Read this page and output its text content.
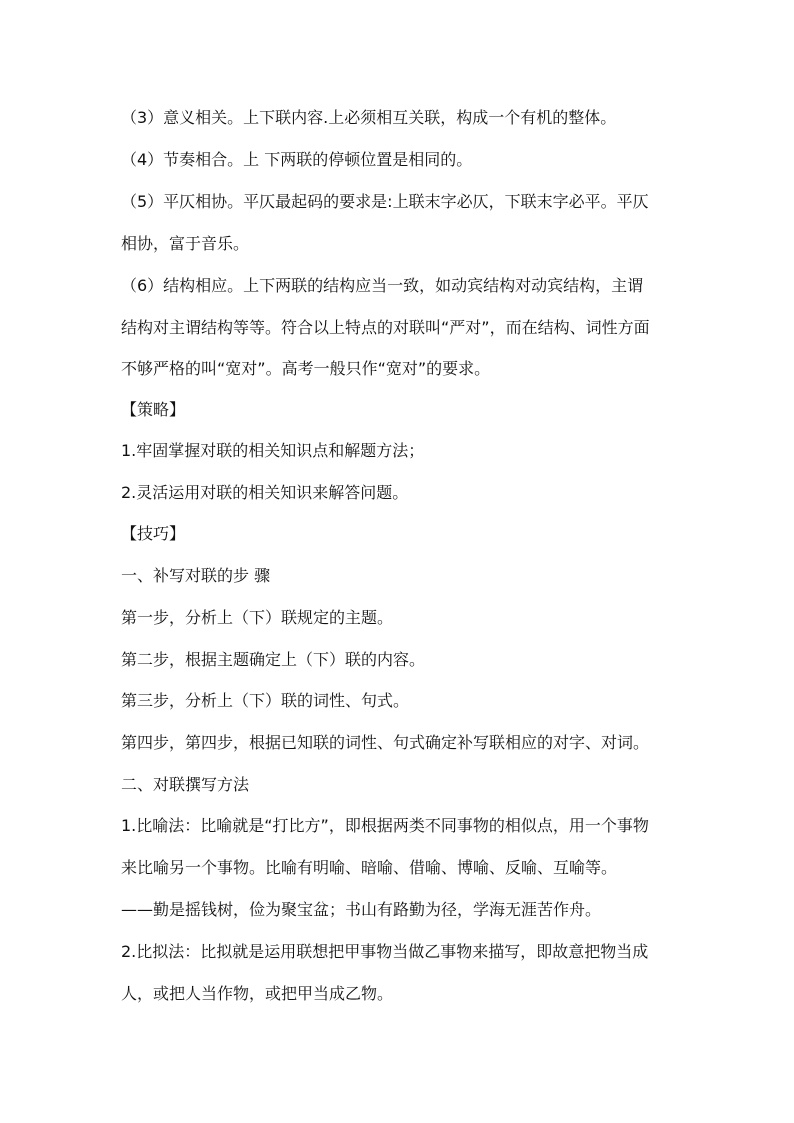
（3）意义相关。上下联内容.上必须相互关联，构成一个有机的整体。
（4）节奏相合。上 下两联的停顿位置是相同的。
（5）平仄相协。平仄最起码的要求是:上联末字必仄，下联末字必平。平仄
相协，富于音乐。
（6）结构相应。上下两联的结构应当一致，如动宾结构对动宾结构，主谓
结构对主谓结构等等。符合以上特点的对联叫“严对”，而在结构、词性方面
不够严格的叫“宽对”。高考一般只作“宽对”的要求。
【策略】
1.牢固掌握对联的相关知识点和解题方法；
2.灵活运用对联的相关知识来解答问题。
【技巧】
一、补写对联的步 骤
第一步，分析上（下）联规定的主题。
第二步，根据主题确定上（下）联的内容。
第三步，分析上（下）联的词性、句式。
第四步，第四步，根据已知联的词性、句式确定补写联相应的对字、对词。
二、对联撰写方法
1.比喻法：比喻就是“打比方”，即根据两类不同事物的相似点，用一个事物
来比喻另一个事物。比喻有明喻、暗喻、借喻、博喻、反喻、互喻等。
——勤是摇钱树，俭为聚宝盆；书山有路勤为径，学海无涯苦作舟。
2.比拟法：比拟就是运用联想把甲事物当做乙事物来描写，即故意把物当成
人，或把人当作物，或把甲当成乙物。
